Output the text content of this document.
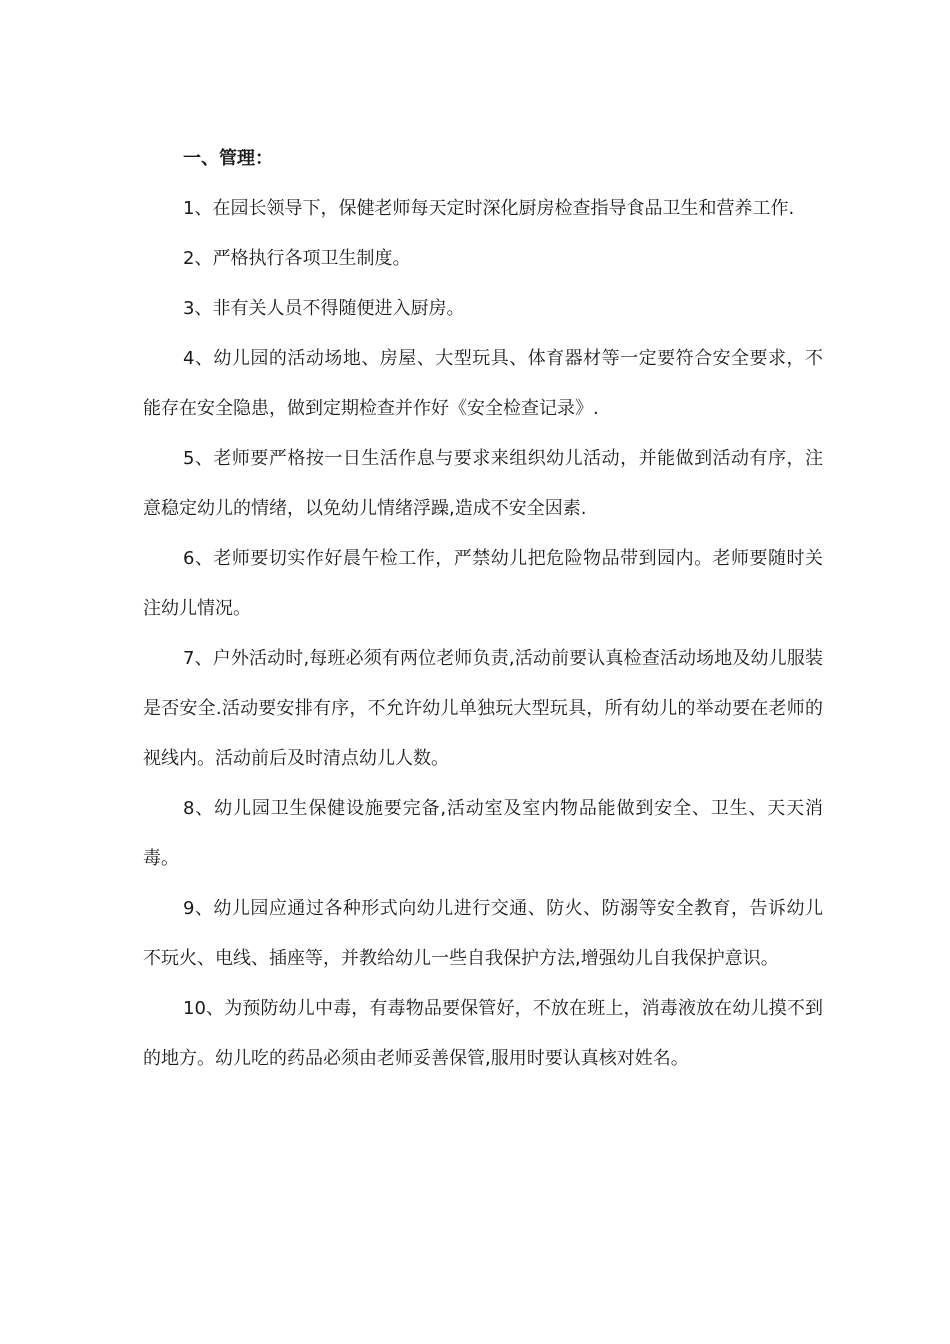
一、管理：

1、在园长领导下，保健老师每天定时深化厨房检查指导食品卫生和营养工作.

2、严格执行各项卫生制度。

3、非有关人员不得随便进入厨房。

4、幼儿园的活动场地、房屋、大型玩具、体育器材等一定要符合安全要求，不能存在安全隐患，做到定期检查并作好《安全检查记录》.

5、老师要严格按一日生活作息与要求来组织幼儿活动，并能做到活动有序，注意稳定幼儿的情绪，以免幼儿情绪浮躁,造成不安全因素.

6、老师要切实作好晨午检工作，严禁幼儿把危险物品带到园内。老师要随时关注幼儿情况。

7、户外活动时,每班必须有两位老师负责,活动前要认真检查活动场地及幼儿服装是否安全.活动要安排有序，不允许幼儿单独玩大型玩具，所有幼儿的举动要在老师的视线内。活动前后及时清点幼儿人数。

8、幼儿园卫生保健设施要完备,活动室及室内物品能做到安全、卫生、天天消毒。

9、幼儿园应通过各种形式向幼儿进行交通、防火、防溺等安全教育，告诉幼儿不玩火、电线、插座等，并教给幼儿一些自我保护方法,增强幼儿自我保护意识。

10、为预防幼儿中毒，有毒物品要保管好，不放在班上，消毒液放在幼儿摸不到的地方。幼儿吃的药品必须由老师妥善保管,服用时要认真核对姓名。
